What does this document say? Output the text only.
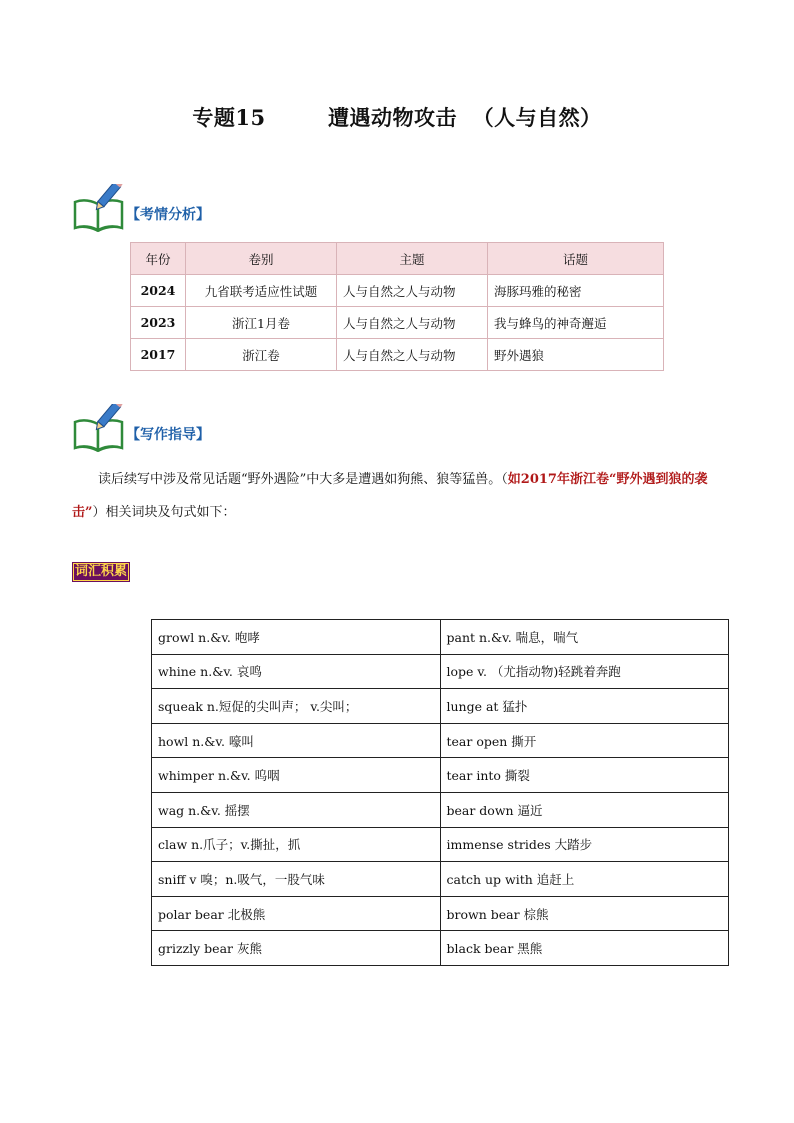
专题15        遭遇动物攻击  （人与自然）
【考情分析】
年份	卷别	主题	话题
2024	九省联考适应性试题	人与自然之人与动物	海豚玛雅的秘密
2023	浙江1月卷	人与自然之人与动物	我与蜂鸟的神奇邂逅
2017	浙江卷	人与自然之人与动物	野外遇狼
【写作指导】
读后续写中涉及常见话题“野外遇险”中大多是遭遇如狗熊、狼等猛兽。（如2017年浙江卷“野外遇到狼的袭击”）相关词块及句式如下：
词汇积累
growl n.&v. 咆哮	pant n.&v. 喘息，喘气
whine n.&v. 哀鸣	lope v. （尤指动物)轻跳着奔跑
squeak n.短促的尖叫声； v.尖叫；	lunge at 猛扑
howl n.&v. 嚎叫	tear open 撕开
whimper n.&v. 呜咽	tear into 撕裂
wag n.&v. 摇摆	bear down 逼近
claw n.爪子；v.撕扯，抓	immense strides 大踏步
sniff v 嗅；n.吸气，一股气味	catch up with 追赶上
polar bear 北极熊	brown bear 棕熊
grizzly bear 灰熊	black bear 黑熊
